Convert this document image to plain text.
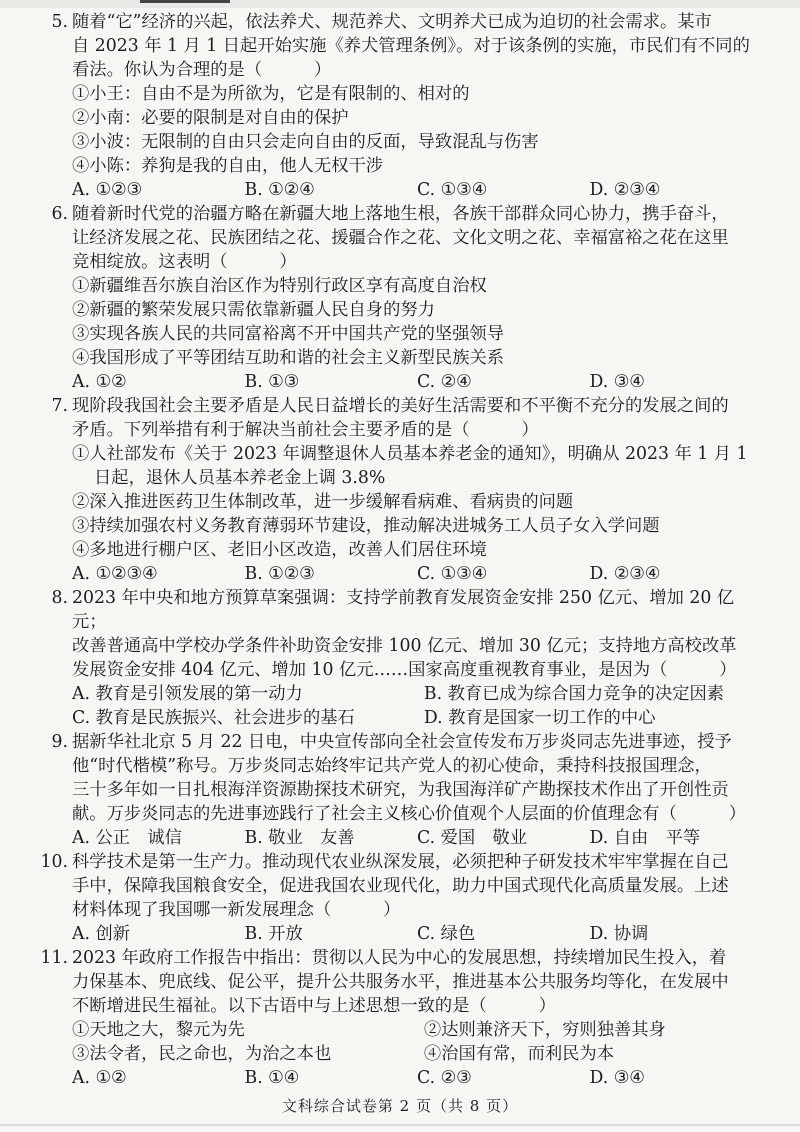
5. 随着“它”经济的兴起，依法养犬、规范养犬、文明养犬已成为迫切的社会需求。某市
自 2023 年 1 月 1 日起开始实施《养犬管理条例》。对于该条例的实施，市民们有不同的
看法。你认为合理的是（　　　）
①小王：自由不是为所欲为，它是有限制的、相对的
②小南：必要的限制是对自由的保护
③小波：无限制的自由只会走向自由的反面，导致混乱与伤害
④小陈：养狗是我的自由，他人无权干涉
A. ①②③	B. ①②④	C. ①③④	D. ②③④
6. 随着新时代党的治疆方略在新疆大地上落地生根，各族干部群众同心协力，携手奋斗，
让经济发展之花、民族团结之花、援疆合作之花、文化文明之花、幸福富裕之花在这里
竞相绽放。这表明（　　　）
①新疆维吾尔族自治区作为特别行政区享有高度自治权
②新疆的繁荣发展只需依靠新疆人民自身的努力
③实现各族人民的共同富裕离不开中国共产党的坚强领导
④我国形成了平等团结互助和谐的社会主义新型民族关系
A. ①②	B. ①③	C. ②④	D. ③④
7. 现阶段我国社会主要矛盾是人民日益增长的美好生活需要和不平衡不充分的发展之间的
矛盾。下列举措有利于解决当前社会主要矛盾的是（　　　）
①人社部发布《关于 2023 年调整退休人员基本养老金的通知》，明确从 2023 年 1 月 1
日起，退休人员基本养老金上调 3.8%
②深入推进医药卫生体制改革，进一步缓解看病难、看病贵的问题
③持续加强农村义务教育薄弱环节建设，推动解决进城务工人员子女入学问题
④多地进行棚户区、老旧小区改造，改善人们居住环境
A. ①②③④	B. ①②③	C. ①③④	D. ②③④
8. 2023 年中央和地方预算草案强调：支持学前教育发展资金安排 250 亿元、增加 20 亿元；
改善普通高中学校办学条件补助资金安排 100 亿元、增加 30 亿元；支持地方高校改革
发展资金安排 404 亿元、增加 10 亿元……国家高度重视教育事业，是因为（　　　）
A. 教育是引领发展的第一动力	B. 教育已成为综合国力竞争的决定因素
C. 教育是民族振兴、社会进步的基石	D. 教育是国家一切工作的中心
9. 据新华社北京 5 月 22 日电，中央宣传部向全社会宣传发布万步炎同志先进事迹，授予
他“时代楷模”称号。万步炎同志始终牢记共产党人的初心使命，秉持科技报国理念，
三十多年如一日扎根海洋资源勘探技术研究，为我国海洋矿产勘探技术作出了开创性贡
献。万步炎同志的先进事迹践行了社会主义核心价值观个人层面的价值理念有（　　　）
A. 公正　诚信	B. 敬业　友善	C. 爱国　敬业	D. 自由　平等
10. 科学技术是第一生产力。推动现代农业纵深发展，必须把种子研发技术牢牢掌握在自己
手中，保障我国粮食安全，促进我国农业现代化，助力中国式现代化高质量发展。上述
材料体现了我国哪一新发展理念（　　　）
A. 创新	B. 开放	C. 绿色	D. 协调
11. 2023 年政府工作报告中指出：贯彻以人民为中心的发展思想，持续增加民生投入，着
力保基本、兜底线、促公平，提升公共服务水平，推进基本公共服务均等化，在发展中
不断增进民生福祉。以下古语中与上述思想一致的是（　　　）
①天地之大，黎元为先	②达则兼济天下，穷则独善其身
③法令者，民之命也，为治之本也	④治国有常，而利民为本
A. ①②	B. ①④	C. ②③	D. ③④
文科综合试卷第 2 页（共 8 页）
